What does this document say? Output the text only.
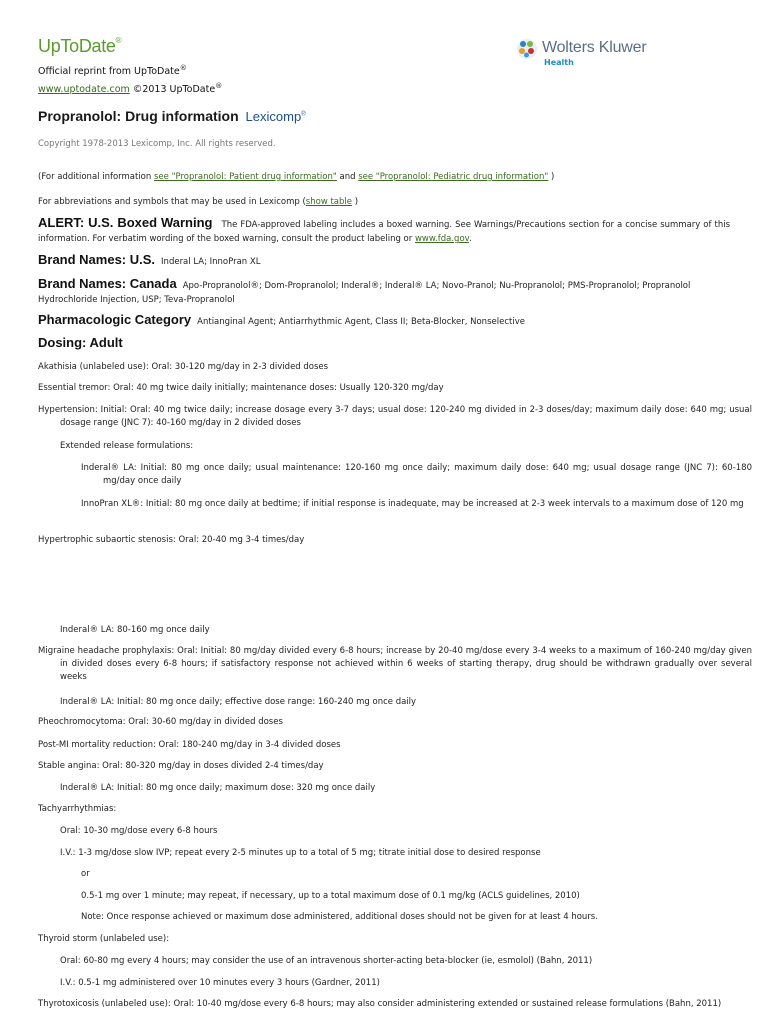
UpToDate®
Official reprint from UpToDate®
www.uptodate.com ©2013 UpToDate®
Wolters Kluwer
Health
Propranolol: Drug information Lexicomp®
Copyright 1978-2013 Lexicomp, Inc. All rights reserved.
(For additional information see "Propranolol: Patient drug information" and see "Propranolol: Pediatric drug information" )
For abbreviations and symbols that may be used in Lexicomp (show table )
ALERT: U.S. Boxed Warning The FDA-approved labeling includes a boxed warning. See Warnings/Precautions section for a concise summary of this information. For verbatim wording of the boxed warning, consult the product labeling or www.fda.gov.
Brand Names: U.S. Inderal LA; InnoPran XL
Brand Names: Canada Apo-Propranolol®; Dom-Propranolol; Inderal®; Inderal® LA; Novo-Pranol; Nu-Propranolol; PMS-Propranolol; Propranolol Hydrochloride Injection, USP; Teva-Propranolol
Pharmacologic Category Antianginal Agent; Antiarrhythmic Agent, Class II; Beta-Blocker, Nonselective
Dosing: Adult
Akathisia (unlabeled use): Oral: 30-120 mg/day in 2-3 divided doses
Essential tremor: Oral: 40 mg twice daily initially; maintenance doses: Usually 120-320 mg/day
Hypertension: Initial: Oral: 40 mg twice daily; increase dosage every 3-7 days; usual dose: 120-240 mg divided in 2-3 doses/day; maximum daily dose: 640 mg; usual dosage range (JNC 7): 40-160 mg/day in 2 divided doses
Extended release formulations:
Inderal® LA: Initial: 80 mg once daily; usual maintenance: 120-160 mg once daily; maximum daily dose: 640 mg; usual dosage range (JNC 7): 60-180 mg/day once daily
InnoPran XL®: Initial: 80 mg once daily at bedtime; if initial response is inadequate, may be increased at 2-3 week intervals to a maximum dose of 120 mg
Hypertrophic subaortic stenosis: Oral: 20-40 mg 3-4 times/day
Inderal® LA: 80-160 mg once daily
Migraine headache prophylaxis: Oral: Initial: 80 mg/day divided every 6-8 hours; increase by 20-40 mg/dose every 3-4 weeks to a maximum of 160-240 mg/day given in divided doses every 6-8 hours; if satisfactory response not achieved within 6 weeks of starting therapy, drug should be withdrawn gradually over several weeks
Inderal® LA: Initial: 80 mg once daily; effective dose range: 160-240 mg once daily
Pheochromocytoma: Oral: 30-60 mg/day in divided doses
Post-MI mortality reduction: Oral: 180-240 mg/day in 3-4 divided doses
Stable angina: Oral: 80-320 mg/day in doses divided 2-4 times/day
Inderal® LA: Initial: 80 mg once daily; maximum dose: 320 mg once daily
Tachyarrhythmias:
Oral: 10-30 mg/dose every 6-8 hours
I.V.: 1-3 mg/dose slow IVP; repeat every 2-5 minutes up to a total of 5 mg; titrate initial dose to desired response
or
0.5-1 mg over 1 minute; may repeat, if necessary, up to a total maximum dose of 0.1 mg/kg (ACLS guidelines, 2010)
Note: Once response achieved or maximum dose administered, additional doses should not be given for at least 4 hours.
Thyroid storm (unlabeled use):
Oral: 60-80 mg every 4 hours; may consider the use of an intravenous shorter-acting beta-blocker (ie, esmolol) (Bahn, 2011)
I.V.: 0.5-1 mg administered over 10 minutes every 3 hours (Gardner, 2011)
Thyrotoxicosis (unlabeled use): Oral: 10-40 mg/dose every 6-8 hours; may also consider administering extended or sustained release formulations (Bahn, 2011)
